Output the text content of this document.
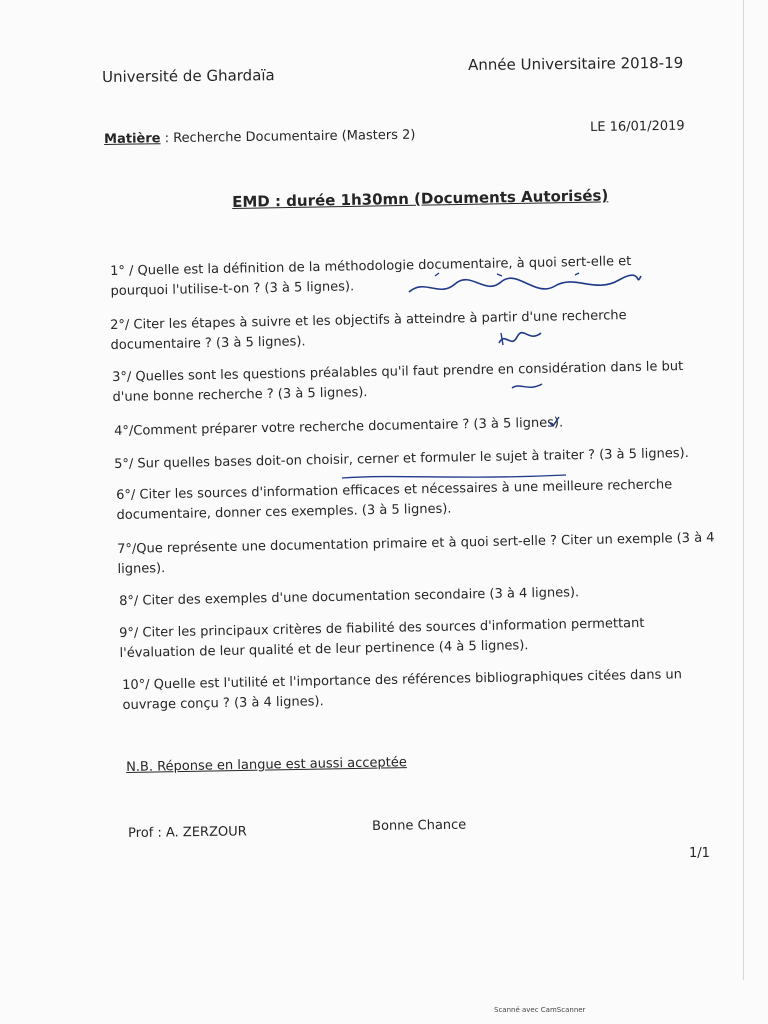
Université de Ghardaïa
Année Universitaire 2018-19
Matière : Recherche Documentaire (Masters 2)
LE 16/01/2019
EMD : durée 1h30mn (Documents Autorisés)
1° / Quelle est la définition de la méthodologie documentaire, à quoi sert-elle et
pourquoi l'utilise-t-on ? (3 à 5 lignes).
2°/ Citer les étapes à suivre et les objectifs à atteindre à partir d'une recherche
documentaire ? (3 à 5 lignes).
3°/ Quelles sont les questions préalables qu'il faut prendre en considération dans le but
d'une bonne recherche ? (3 à 5 lignes).
4°/Comment préparer votre recherche documentaire ? (3 à 5 lignes).
5°/ Sur quelles bases doit-on choisir, cerner et formuler le sujet à traiter ? (3 à 5 lignes).
6°/ Citer les sources d'information efficaces et nécessaires à une meilleure recherche
documentaire, donner ces exemples. (3 à 5 lignes).
7°/Que représente une documentation primaire et à quoi sert-elle ? Citer un exemple (3 à 4
lignes).
8°/ Citer des exemples d'une documentation secondaire (3 à 4 lignes).
9°/ Citer les principaux critères de fiabilité des sources d'information permettant
l'évaluation de leur qualité et de leur pertinence (4 à 5 lignes).
10°/ Quelle est l'utilité et l'importance des références bibliographiques citées dans un
ouvrage conçu ? (3 à 4 lignes).
N.B. Réponse en langue est aussi acceptée
Prof : A. ZERZOUR	Bonne Chance
1/1
Scanné avec CamScanner
